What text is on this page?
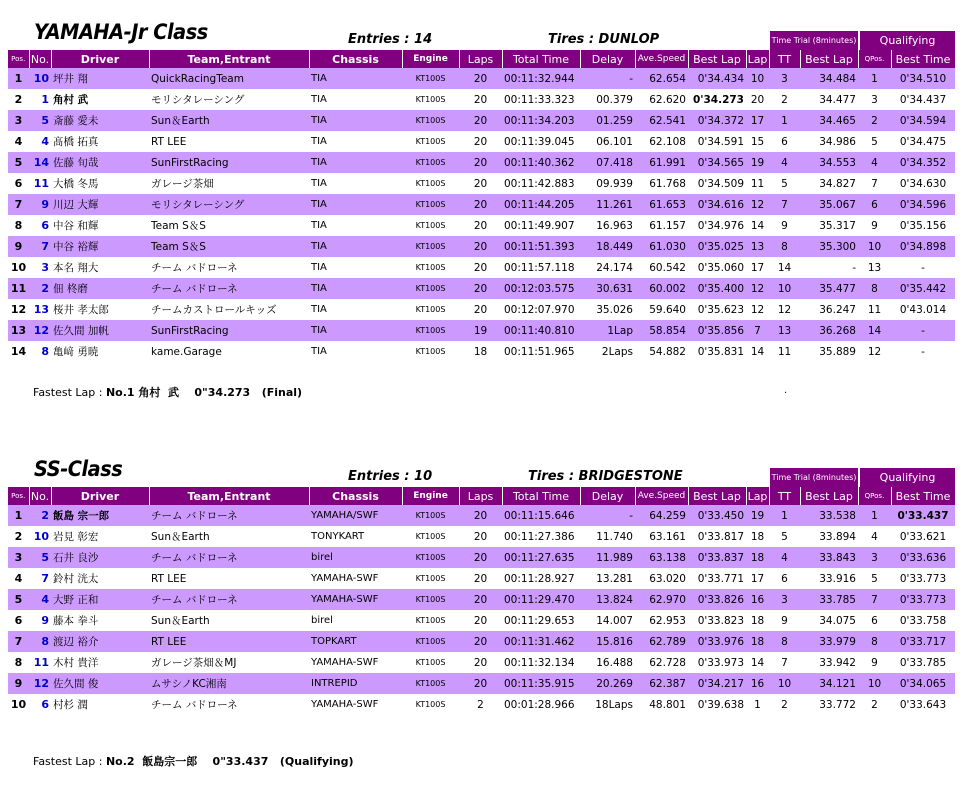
YAMAHA-Jr Class	Entries : 14	Tires : DUNLOP	Time Trial (8minutes)	Qualifying
Pos.	No.	Driver	Team,Entrant	Chassis	Engine	Laps	Total Time	Delay	Ave.Speed	Best Lap	Lap	TT	Best Lap	QPos.	Best Time
1	10	坪井 翔	QuickRacingTeam	TIA	KT100S	20	00:11:32.944	-	62.654	0'34.434	10	3	34.484	1	0'34.510
2	1	角村 武	モリシタレーシング	TIA	KT100S	20	00:11:33.323	00.379	62.620	0'34.273	20	2	34.477	3	0'34.437
3	5	斎藤 愛未	Sun＆Earth	TIA	KT100S	20	00:11:34.203	01.259	62.541	0'34.372	17	1	34.465	2	0'34.594
4	4	髙橋 拓真	RT LEE	TIA	KT100S	20	00:11:39.045	06.101	62.108	0'34.591	15	6	34.986	5	0'34.475
5	14	佐藤 旬哉	SunFirstRacing	TIA	KT100S	20	00:11:40.362	07.418	61.991	0'34.565	19	4	34.553	4	0'34.352
6	11	大橋 冬馬	ガレージ茶畑	TIA	KT100S	20	00:11:42.883	09.939	61.768	0'34.509	11	5	34.827	7	0'34.630
7	9	川辺 大輝	モリシタレーシング	TIA	KT100S	20	00:11:44.205	11.261	61.653	0'34.616	12	7	35.067	6	0'34.596
8	6	中谷 和輝	Team S＆S	TIA	KT100S	20	00:11:49.907	16.963	61.157	0'34.976	14	9	35.317	9	0'35.156
9	7	中谷 裕輝	Team S＆S	TIA	KT100S	20	00:11:51.393	18.449	61.030	0'35.025	13	8	35.300	10	0'34.898
10	3	本名 翔大	チーム バドローネ	TIA	KT100S	20	00:11:57.118	24.174	60.542	0'35.060	17	14	-	13	-
11	2	佃 柊磨	チーム バドローネ	TIA	KT100S	20	00:12:03.575	30.631	60.002	0'35.400	12	10	35.477	8	0'35.442
12	13	桜井 孝太郎	チームカストロールキッズ	TIA	KT100S	20	00:12:07.970	35.026	59.640	0'35.623	12	12	36.247	11	0'43.014
13	12	佐久間 加帆	SunFirstRacing	TIA	KT100S	19	00:11:40.810	1Lap	58.854	0'35.856	7	13	36.268	14	-
14	8	亀﨑 勇暁	kame.Garage	TIA	KT100S	18	00:11:51.965	2Laps	54.882	0'35.831	14	11	35.889	12	-
Fastest Lap : No.1 角村  武    0"34.273   (Final)	.
SS-Class	Entries : 10	Tires : BRIDGESTONE	Time Trial (8minutes)	Qualifying
Pos.	No.	Driver	Team,Entrant	Chassis	Engine	Laps	Total Time	Delay	Ave.Speed	Best Lap	Lap	TT	Best Lap	QPos.	Best Time
1	2	飯島 宗一郎	チーム バドローネ	YAMAHA/SWF	KT100S	20	00:11:15.646	-	64.259	0'33.450	19	1	33.538	1	0'33.437
2	10	岩見 彰宏	Sun＆Earth	TONYKART	KT100S	20	00:11:27.386	11.740	63.161	0'33.817	18	5	33.894	4	0'33.621
3	5	石井 良沙	チーム バドローネ	birel	KT100S	20	00:11:27.635	11.989	63.138	0'33.837	18	4	33.843	3	0'33.636
4	7	鈴村 洸太	RT LEE	YAMAHA-SWF	KT100S	20	00:11:28.927	13.281	63.020	0'33.771	17	6	33.916	5	0'33.773
5	4	大野 正和	チーム バドローネ	YAMAHA-SWF	KT100S	20	00:11:29.470	13.824	62.970	0'33.826	16	3	33.785	7	0'33.773
6	9	藤本 拳斗	Sun＆Earth	birel	KT100S	20	00:11:29.653	14.007	62.953	0'33.823	18	9	34.075	6	0'33.758
7	8	渡辺 裕介	RT LEE	TOPKART	KT100S	20	00:11:31.462	15.816	62.789	0'33.976	18	8	33.979	8	0'33.717
8	11	木村 貴洋	ガレージ茶畑＆MJ	YAMAHA-SWF	KT100S	20	00:11:32.134	16.488	62.728	0'33.973	14	7	33.942	9	0'33.785
9	12	佐久間 俊	ムサシノKC湘南	INTREPID	KT100S	20	00:11:35.915	20.269	62.387	0'34.217	16	10	34.121	10	0'34.065
10	6	村杉 潤	チーム バドローネ	YAMAHA-SWF	KT100S	2	00:01:28.966	18Laps	48.801	0'39.638	1	2	33.772	2	0'33.643
Fastest Lap : No.2  飯島宗一郎    0"33.437   (Qualifying)
